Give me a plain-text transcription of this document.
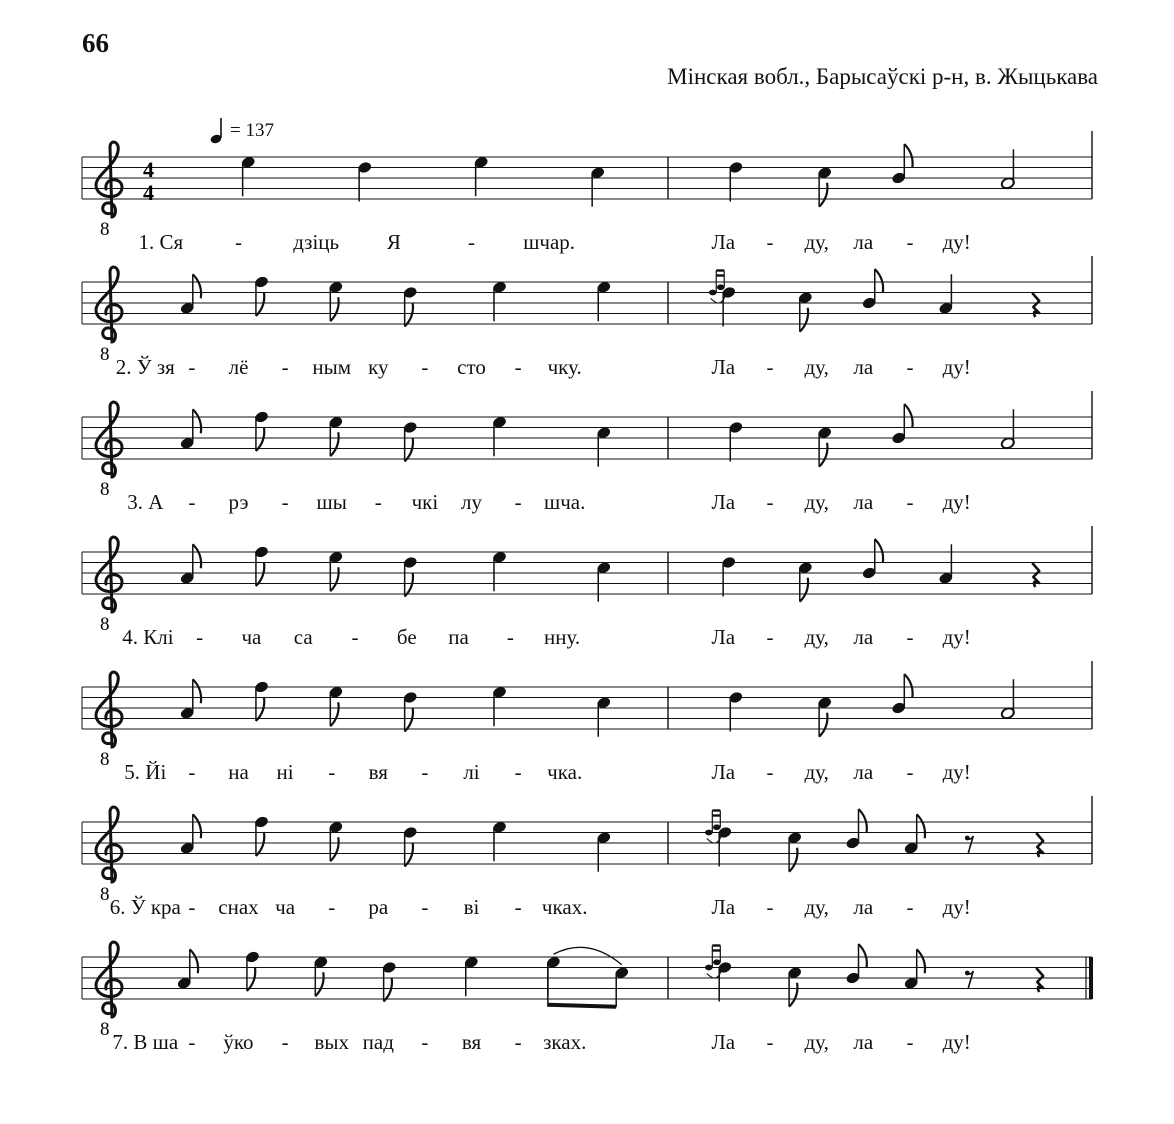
66
Мінская вобл., Барысаўскі р-н, в. Жыцькава
= 137
8
4
4
1. Ся - дзіць Я	- шчар.	Ла - ду, ла - ду!
8
2. Ў зя - лё - ным ку - сто - чку.	Ла - ду, ла - ду!
8
3. А - рэ - шы - чкі лу - шча.	Ла - ду, ла - ду!
8
4. Клі - ча са - бе па - нну.	Ла - ду, ла - ду!
8
5. Йі - на ні - вя - лі - чка.	Ла - ду, ла - ду!
8
6. Ў кра - снах ча - ра - ві - чках.	Ла - ду, ла - ду!
8
7. В ша - ўко - вых пад - вя - зках.	Ла - ду, ла - ду!
